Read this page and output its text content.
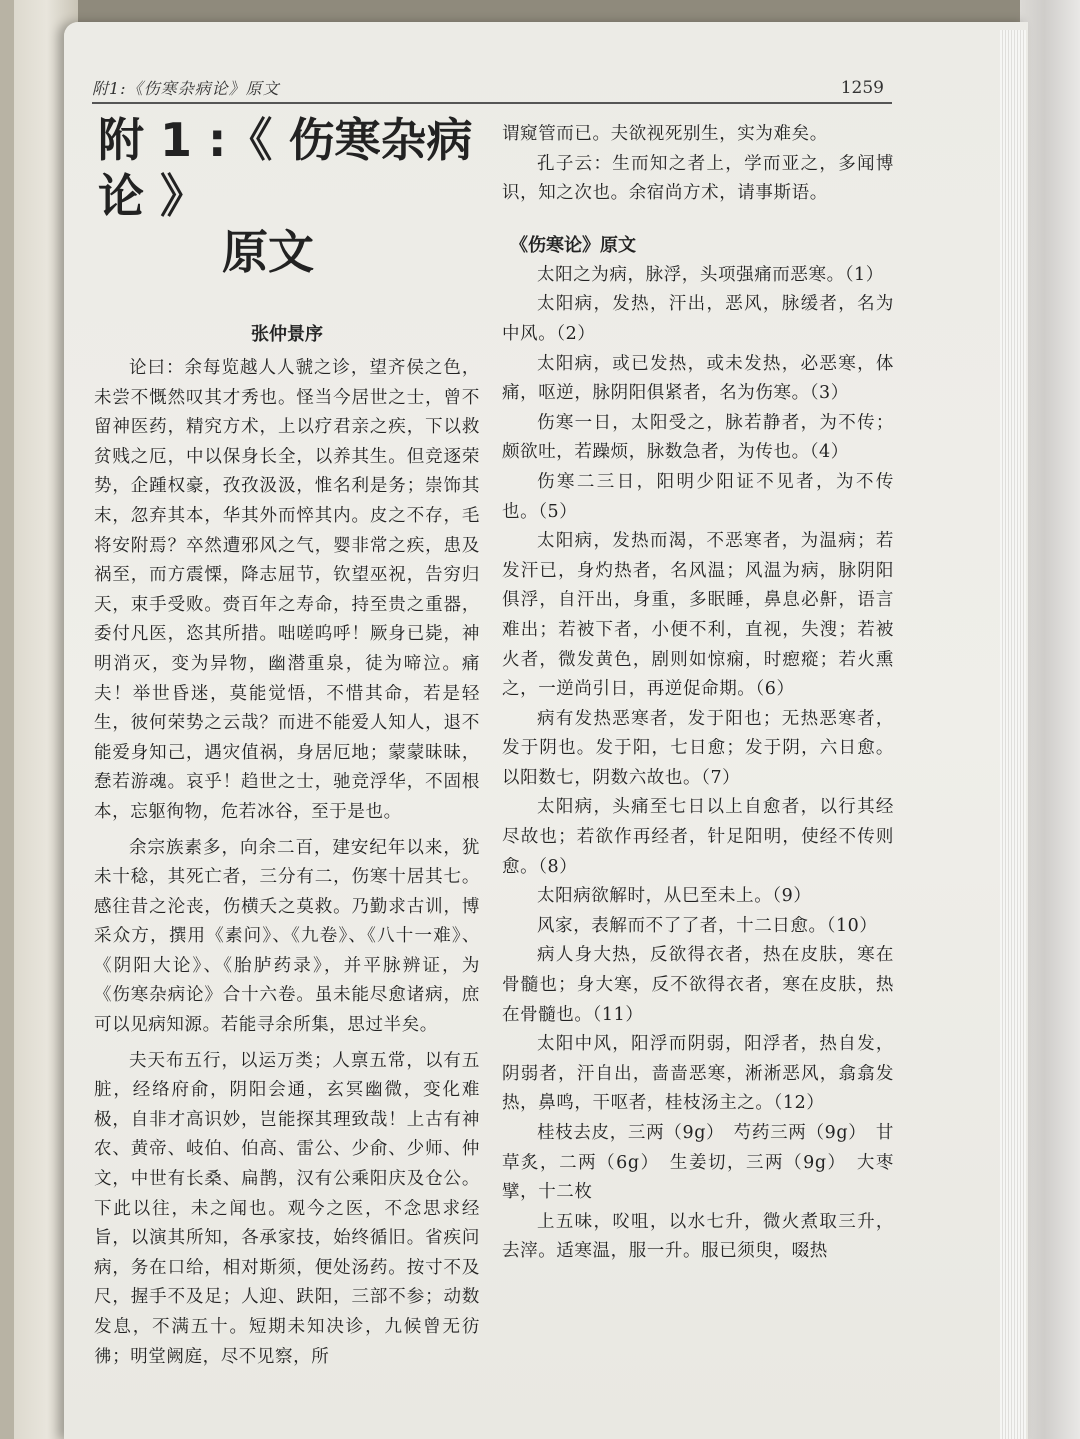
附1:《伤寒杂病论》原文	1259
附 1 :《 伤寒杂病论 》
原文
张仲景序

论曰：余每览越人人虢之诊，望齐侯之色，未尝不慨然叹其才秀也。怪当今居世之士，曾不留神医药，精究方术，上以疗君亲之疾，下以救贫贱之厄，中以保身长全，以养其生。但竞逐荣势，企踵权豪，孜孜汲汲，惟名利是务；崇饰其末，忽弃其本，华其外而悴其内。皮之不存，毛将安附焉？卒然遭邪风之气，婴非常之疾，患及祸至，而方震慄，降志屈节，钦望巫祝，告穷归天，束手受败。赍百年之寿命，持至贵之重器，委付凡医，恣其所措。咄嗟呜呼！厥身已毙，神明消灭，变为异物，幽潜重泉，徒为啼泣。痛夫！举世昏迷，莫能觉悟，不惜其命，若是轻生，彼何荣势之云哉？而进不能爱人知人，退不能爱身知己，遇灾值祸，身居厄地；蒙蒙昧昧，惷若游魂。哀乎！趋世之士，驰竞浮华，不固根本，忘躯徇物，危若冰谷，至于是也。

余宗族素多，向余二百，建安纪年以来，犹未十稔，其死亡者，三分有二，伤寒十居其七。感往昔之沦丧，伤横夭之莫救。乃勤求古训，博采众方，撰用《素问》、《九卷》、《八十一难》、《阴阳大论》、《胎胪药录》，并平脉辨证，为《伤寒杂病论》合十六卷。虽未能尽愈诸病，庶可以见病知源。若能寻余所集，思过半矣。

夫天布五行，以运万类；人禀五常，以有五脏，经络府俞，阴阳会通，玄冥幽微，变化难极，自非才高识妙，岂能探其理致哉！上古有神农、黄帝、岐伯、伯高、雷公、少俞、少师、仲文，中世有长桑、扁鹊，汉有公乘阳庆及仓公。下此以往，未之闻也。观今之医，不念思求经旨，以演其所知，各承家技，始终循旧。省疾问病，务在口给，相对斯须，便处汤药。按寸不及尺，握手不及足；人迎、趺阳，三部不参；动数发息，不满五十。短期未知决诊，九候曾无彷彿；明堂阙庭，尽不见察，所

谓窥管而已。夫欲视死别生，实为难矣。

孔子云：生而知之者上，学而亚之，多闻博识，知之次也。余宿尚方术，请事斯语。

《伤寒论》原文

太阳之为病，脉浮，头项强痛而恶寒。（1）

太阳病，发热，汗出，恶风，脉缓者，名为中风。（2）

太阳病，或已发热，或未发热，必恶寒，体痛，呕逆，脉阴阳俱紧者，名为伤寒。（3）

伤寒一日，太阳受之，脉若静者，为不传；颇欲吐，若躁烦，脉数急者，为传也。（4）

伤寒二三日，阳明少阳证不见者，为不传也。（5）

太阳病，发热而渴，不恶寒者，为温病；若发汗已，身灼热者，名风温；风温为病，脉阴阳俱浮，自汗出，身重，多眠睡，鼻息必鼾，语言难出；若被下者，小便不利，直视，失溲；若被火者，微发黄色，剧则如惊痫，时瘛瘲；若火熏之，一逆尚引日，再逆促命期。（6）

病有发热恶寒者，发于阳也；无热恶寒者，发于阴也。发于阳，七日愈；发于阴，六日愈。以阳数七，阴数六故也。（7）

太阳病，头痛至七日以上自愈者，以行其经尽故也；若欲作再经者，针足阳明，使经不传则愈。（8）

太阳病欲解时，从巳至未上。（9）

风家，表解而不了了者，十二日愈。（10）

病人身大热，反欲得衣者，热在皮肤，寒在骨髓也；身大寒，反不欲得衣者，寒在皮肤，热在骨髓也。（11）

太阳中风，阳浮而阴弱，阳浮者，热自发，阴弱者，汗自出，啬啬恶寒，淅淅恶风，翕翕发热，鼻鸣，干呕者，桂枝汤主之。（12）

桂枝去皮，三两（9g）　芍药三两（9g）　甘草炙，二两（6g）　生姜切，三两（9g）　大枣擘，十二枚

上五味，㕮咀，以水七升，微火煮取三升，去滓。适寒温，服一升。服已须臾，啜热
